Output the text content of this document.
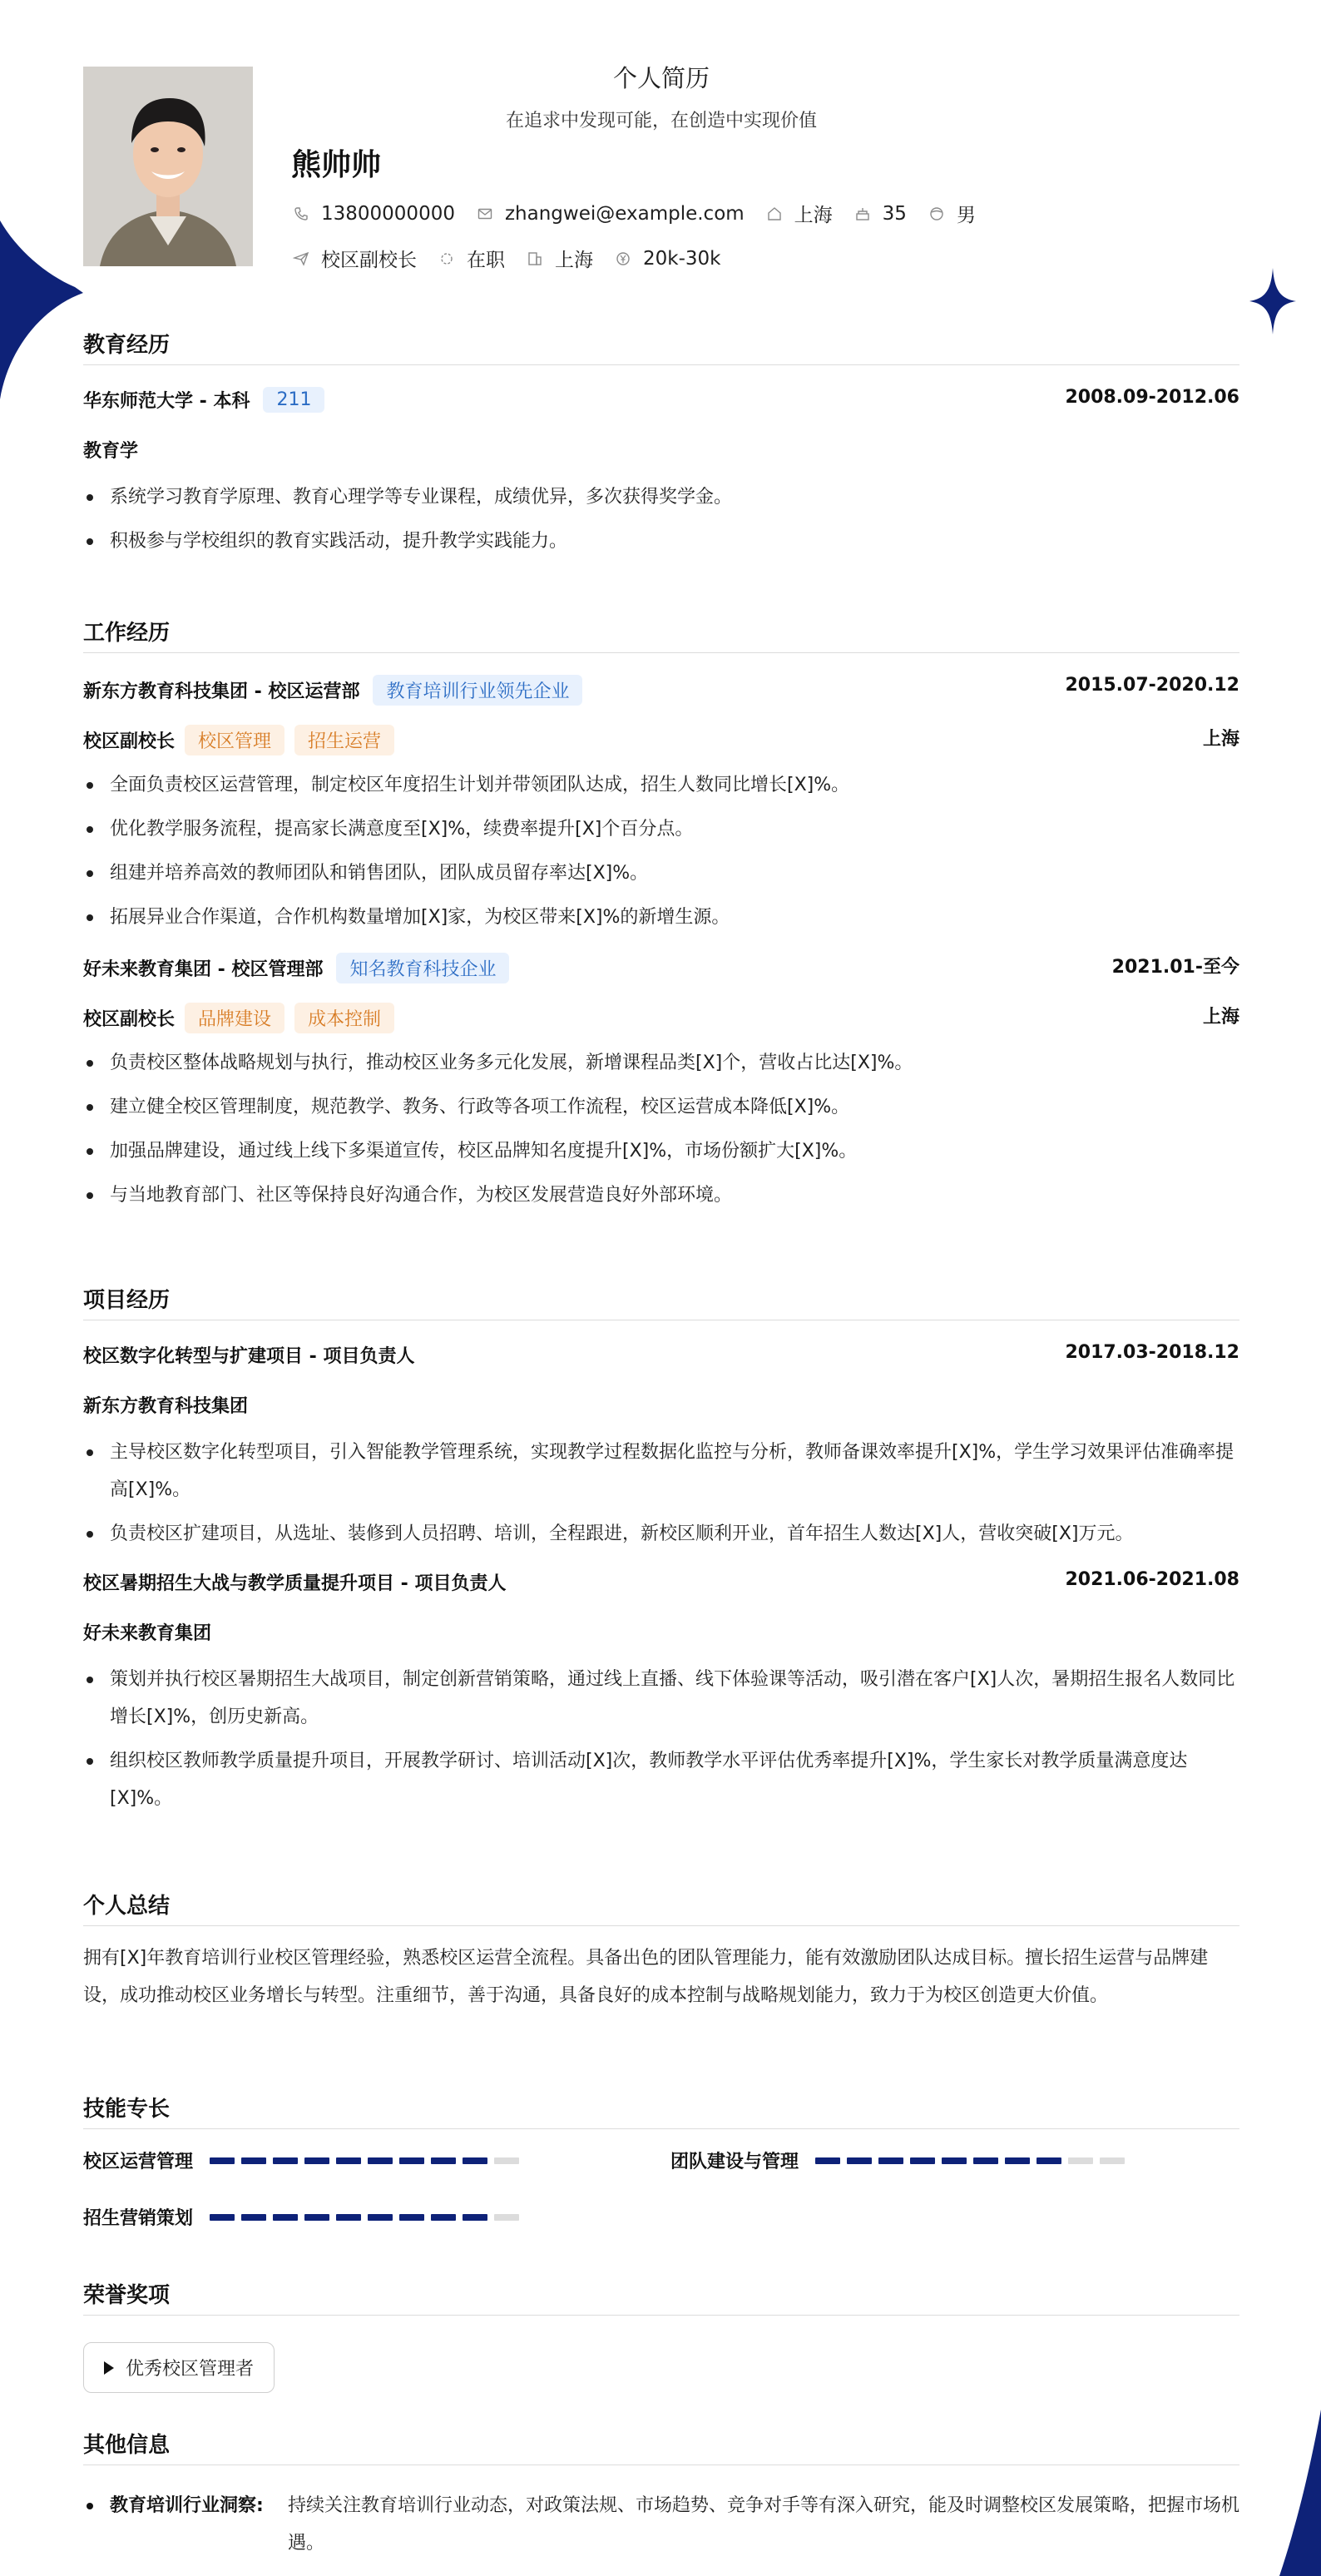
个人简历
在追求中发现可能，在创造中实现价值
熊帅帅
13800000000	zhangwei@example.com	上海	35	男
校区副校长	在职	上海	20k-30k
教育经历
华东师范大学 - 本科	211	2008.09-2012.06
教育学
系统学习教育学原理、教育心理学等专业课程，成绩优异，多次获得奖学金。
积极参与学校组织的教育实践活动，提升教学实践能力。
工作经历
新东方教育科技集团 - 校区运营部	教育培训行业领先企业	2015.07-2020.12
校区副校长	校区管理	招生运营	上海
全面负责校区运营管理，制定校区年度招生计划并带领团队达成，招生人数同比增长[X]%。
优化教学服务流程，提高家长满意度至[X]%，续费率提升[X]个百分点。
组建并培养高效的教师团队和销售团队，团队成员留存率达[X]%。
拓展异业合作渠道，合作机构数量增加[X]家，为校区带来[X]%的新增生源。
好未来教育集团 - 校区管理部	知名教育科技企业	2021.01-至今
校区副校长	品牌建设	成本控制	上海
负责校区整体战略规划与执行，推动校区业务多元化发展，新增课程品类[X]个，营收占比达[X]%。
建立健全校区管理制度，规范教学、教务、行政等各项工作流程，校区运营成本降低[X]%。
加强品牌建设，通过线上线下多渠道宣传，校区品牌知名度提升[X]%，市场份额扩大[X]%。
与当地教育部门、社区等保持良好沟通合作，为校区发展营造良好外部环境。
项目经历
校区数字化转型与扩建项目 - 项目负责人	2017.03-2018.12
新东方教育科技集团
主导校区数字化转型项目，引入智能教学管理系统，实现教学过程数据化监控与分析，教师备课效率提升[X]%，学生学习效果评估准确率提高[X]%。
负责校区扩建项目，从选址、装修到人员招聘、培训，全程跟进，新校区顺利开业，首年招生人数达[X]人，营收突破[X]万元。
校区暑期招生大战与教学质量提升项目 - 项目负责人	2021.06-2021.08
好未来教育集团
策划并执行校区暑期招生大战项目，制定创新营销策略，通过线上直播、线下体验课等活动，吸引潜在客户[X]人次，暑期招生报名人数同比增长[X]%，创历史新高。
组织校区教师教学质量提升项目，开展教学研讨、培训活动[X]次，教师教学水平评估优秀率提升[X]%，学生家长对教学质量满意度达[X]%。
个人总结
拥有[X]年教育培训行业校区管理经验，熟悉校区运营全流程。具备出色的团队管理能力，能有效激励团队达成目标。擅长招生运营与品牌建设，成功推动校区业务增长与转型。注重细节，善于沟通，具备良好的成本控制与战略规划能力，致力于为校区创造更大价值。
技能专长
校区运营管理	团队建设与管理
招生营销策划
荣誉奖项
优秀校区管理者
其他信息
教育培训行业洞察: 持续关注教育培训行业动态，对政策法规、市场趋势、竞争对手等有深入研究，能及时调整校区发展策略，把握市场机遇。
